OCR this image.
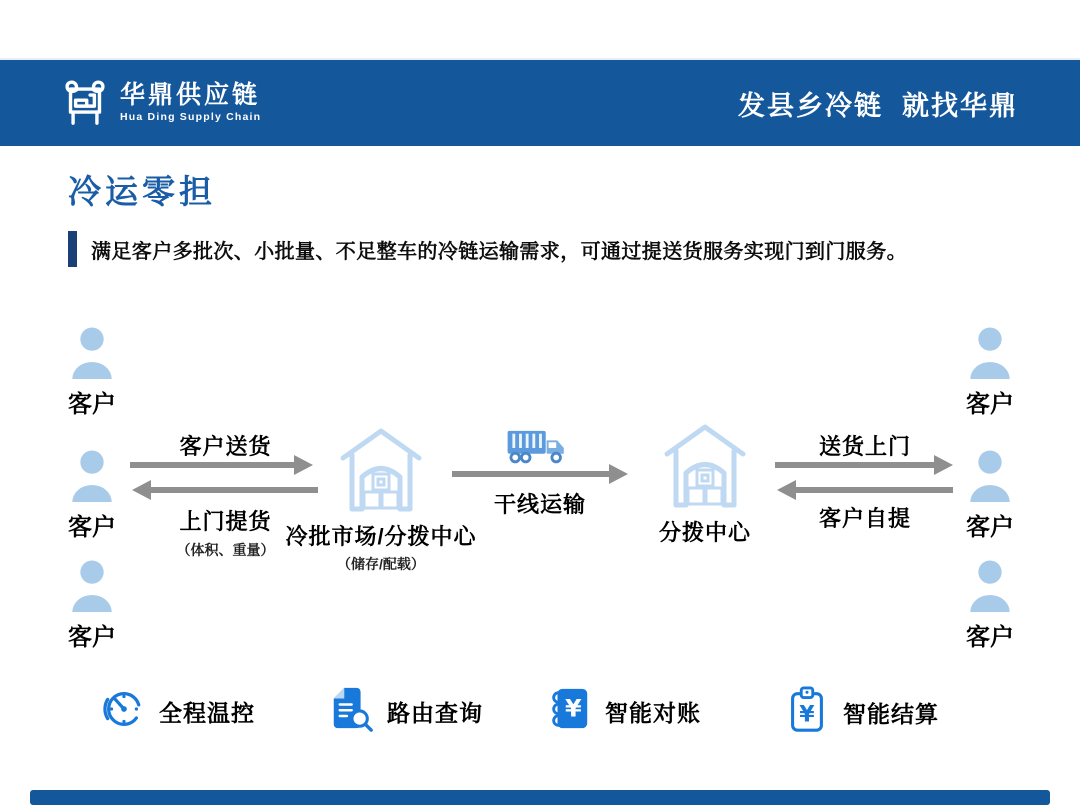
华鼎供应链
Hua Ding Supply Chain	发县乡冷链  就找华鼎
冷运零担
满足客户多批次、小批量、不足整车的冷链运输需求，可通过提送货服务实现门到门服务。
客户
客户
客户
客户
客户
客户
客户送货
上门提货
（体积、重量）
冷批市场/分拨中心
（储存/配载）
干线运输
分拨中心
送货上门
客户自提
全程温控	路由查询	¥ 智能对账	¥ 智能结算
